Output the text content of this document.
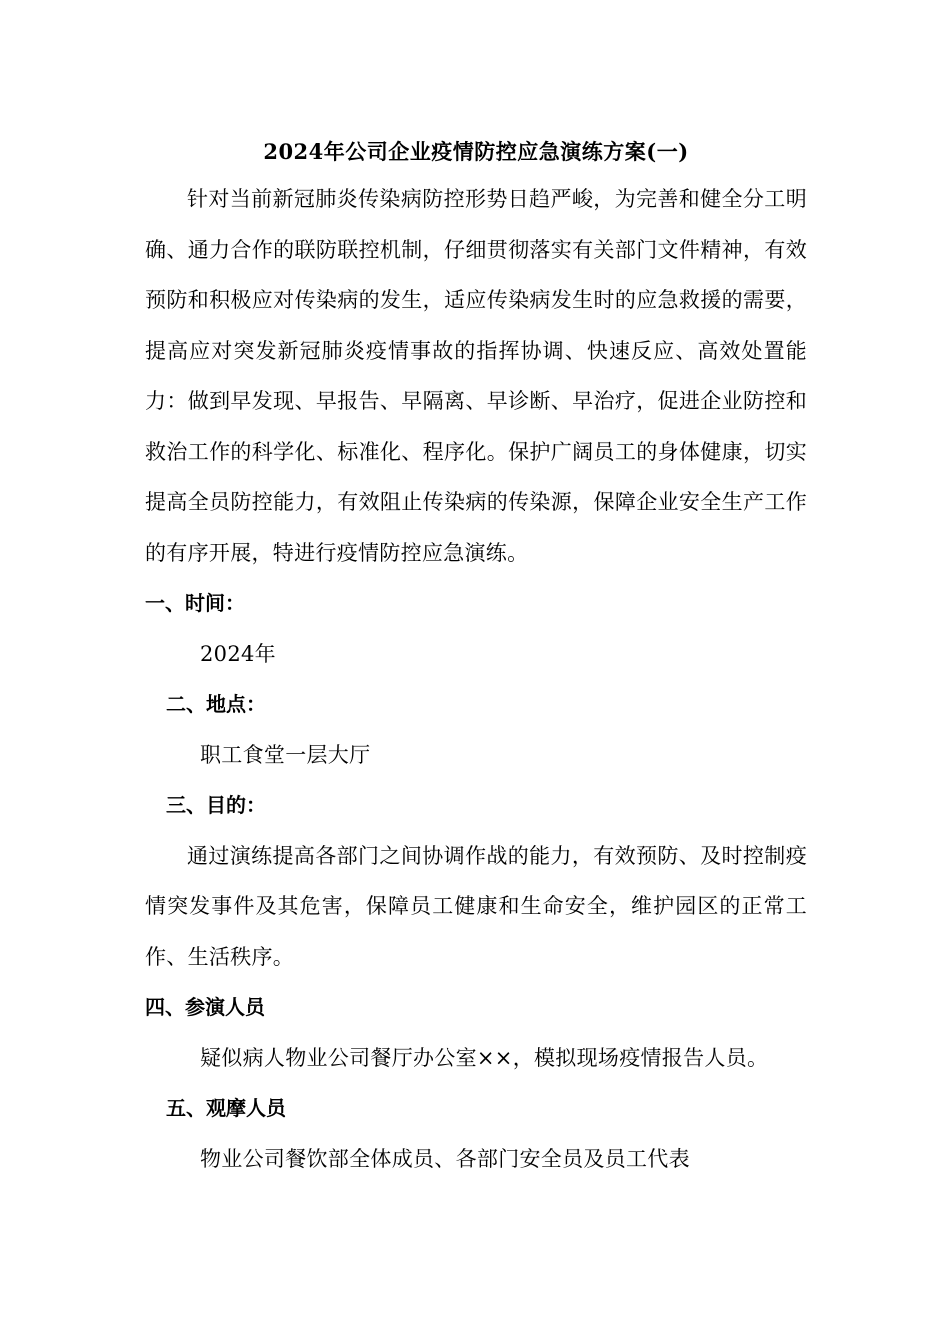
2024年公司企业疫情防控应急演练方案(一)

针对当前新冠肺炎传染病防控形势日趋严峻，为完善和健全分工明确、通力合作的联防联控机制，仔细贯彻落实有关部门文件精神，有效预防和积极应对传染病的发生，适应传染病发生时的应急救援的需要，提高应对突发新冠肺炎疫情事故的指挥协调、快速反应、高效处置能力：做到早发现、早报告、早隔离、早诊断、早治疗，促进企业防控和救治工作的科学化、标准化、程序化。保护广阔员工的身体健康，切实提高全员防控能力，有效阻止传染病的传染源，保障企业安全生产工作的有序开展，特进行疫情防控应急演练。

一、时间：

2024年

二、地点：

职工食堂一层大厅

三、目的：

通过演练提高各部门之间协调作战的能力，有效预防、及时控制疫情突发事件及其危害，保障员工健康和生命安全，维护园区的正常工作、生活秩序。

四、参演人员

疑似病人物业公司餐厅办公室××，模拟现场疫情报告人员。

五、观摩人员

物业公司餐饮部全体成员、各部门安全员及员工代表
